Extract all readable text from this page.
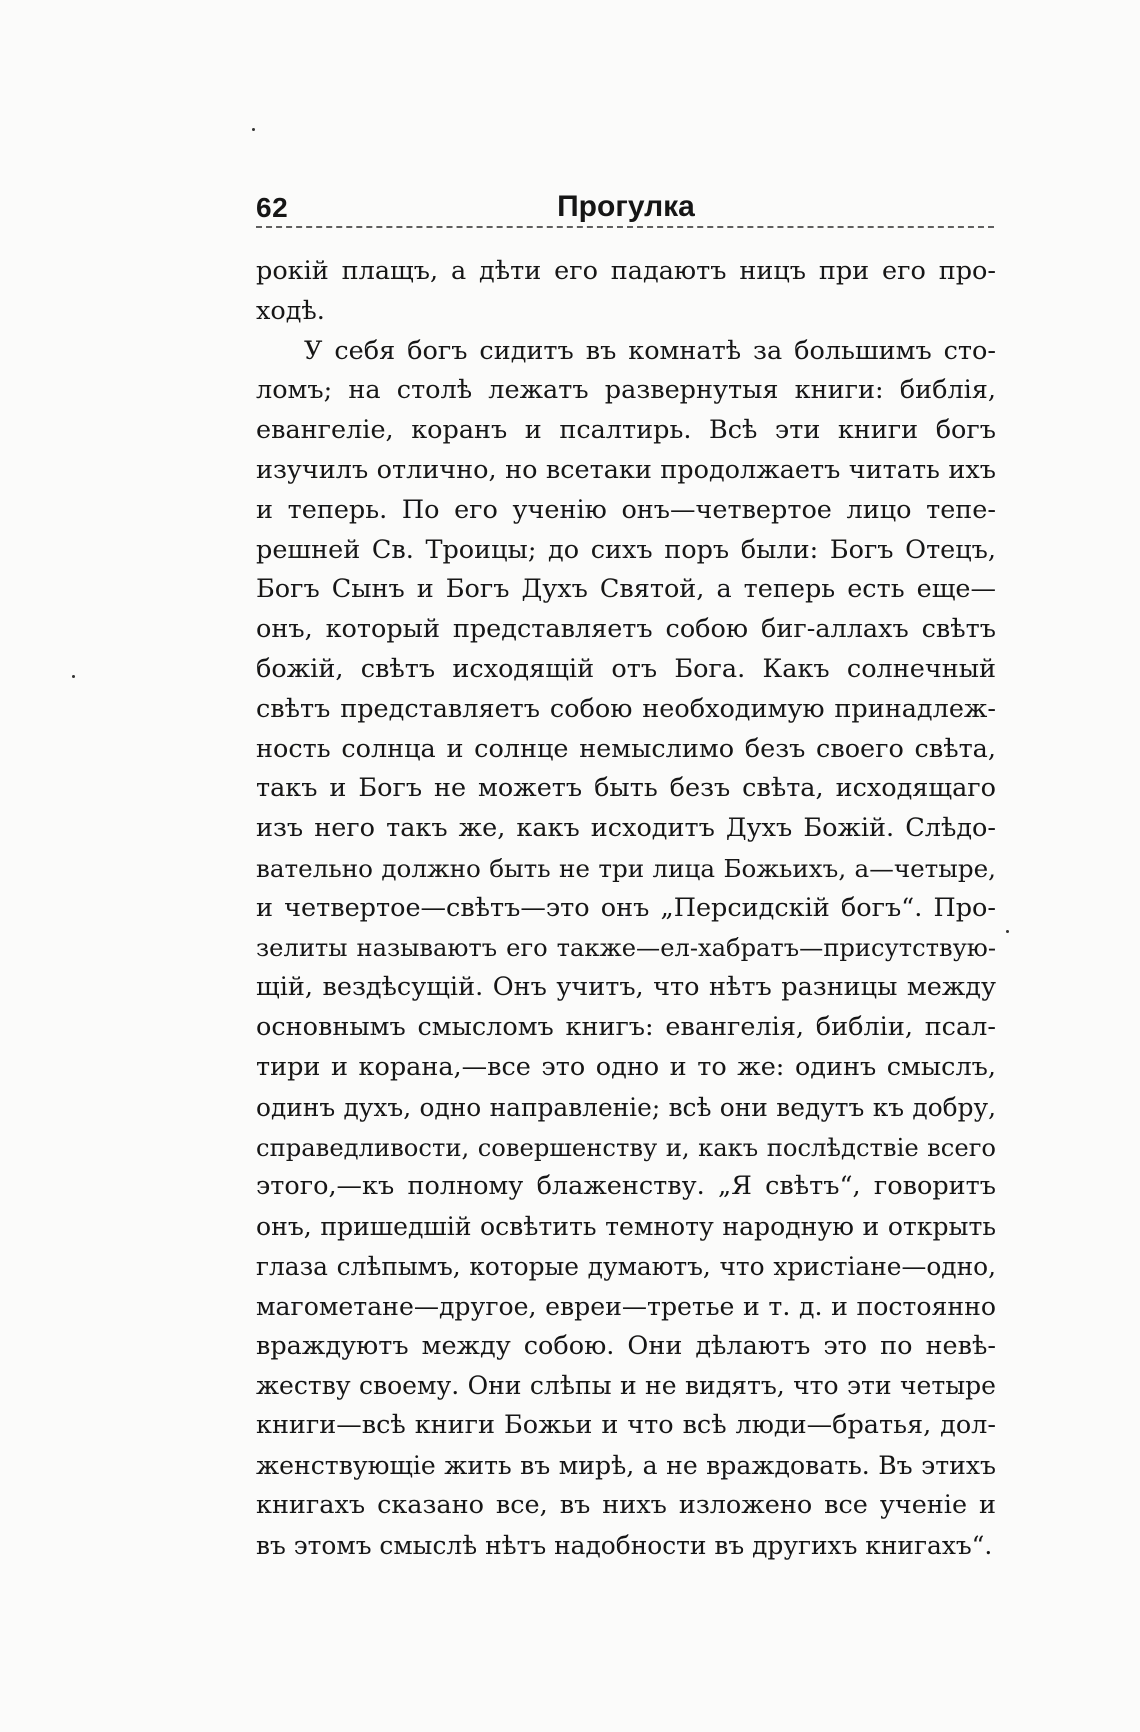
62	Прогулка
рокій плащъ, а дѣти его падаютъ ницъ при его про-
ходѣ.
У себя богъ сидитъ въ комнатѣ за большимъ сто-
ломъ; на столѣ лежатъ развернутыя книги: библія,
евангеліе, коранъ и псалтирь. Всѣ эти книги богъ
изучилъ отлично, но всетаки продолжаетъ читать ихъ
и теперь. По его ученію онъ—четвертое лицо тепе-
решней Св. Троицы; до сихъ поръ были: Богъ Отецъ,
Богъ Сынъ и Богъ Духъ Святой, а теперь есть еще—
онъ, который представляетъ собою биг-аллахъ свѣтъ
божій, свѣтъ исходящій отъ Бога. Какъ солнечный
свѣтъ представляетъ собою необходимую принадлеж-
ность солнца и солнце немыслимо безъ своего свѣта,
такъ и Богъ не можетъ быть безъ свѣта, исходящаго
изъ него такъ же, какъ исходитъ Духъ Божій. Слѣдо-
вательно должно быть не три лица Божьихъ, а—четыре,
и четвертое—свѣтъ—это онъ „Персидскій богъ“. Про-
зелиты называютъ его также—ел-хабратъ—присутствую-
щій, вездѣсущій. Онъ учитъ, что нѣтъ разницы между
основнымъ смысломъ книгъ: евангелія, библіи, псал-
тири и корана,—все это одно и то же: одинъ смыслъ,
одинъ духъ, одно направленіе; всѣ они ведутъ къ добру,
справедливости, совершенству и, какъ послѣдствіе всего
этого,—къ полному блаженству. „Я свѣтъ“, говоритъ
онъ, пришедшій освѣтить темноту народную и открыть
глаза слѣпымъ, которые думаютъ, что христіане—одно,
магометане—другое, евреи—третье и т. д. и постоянно
враждуютъ между собою. Они дѣлаютъ это по невѣ-
жеству своему. Они слѣпы и не видятъ, что эти четыре
книги—всѣ книги Божьи и что всѣ люди—братья, дол-
женствующіе жить въ мирѣ, а не враждовать. Въ этихъ
книгахъ сказано все, въ нихъ изложено все ученіе и
въ этомъ смыслѣ нѣтъ надобности въ другихъ книгахъ“.
